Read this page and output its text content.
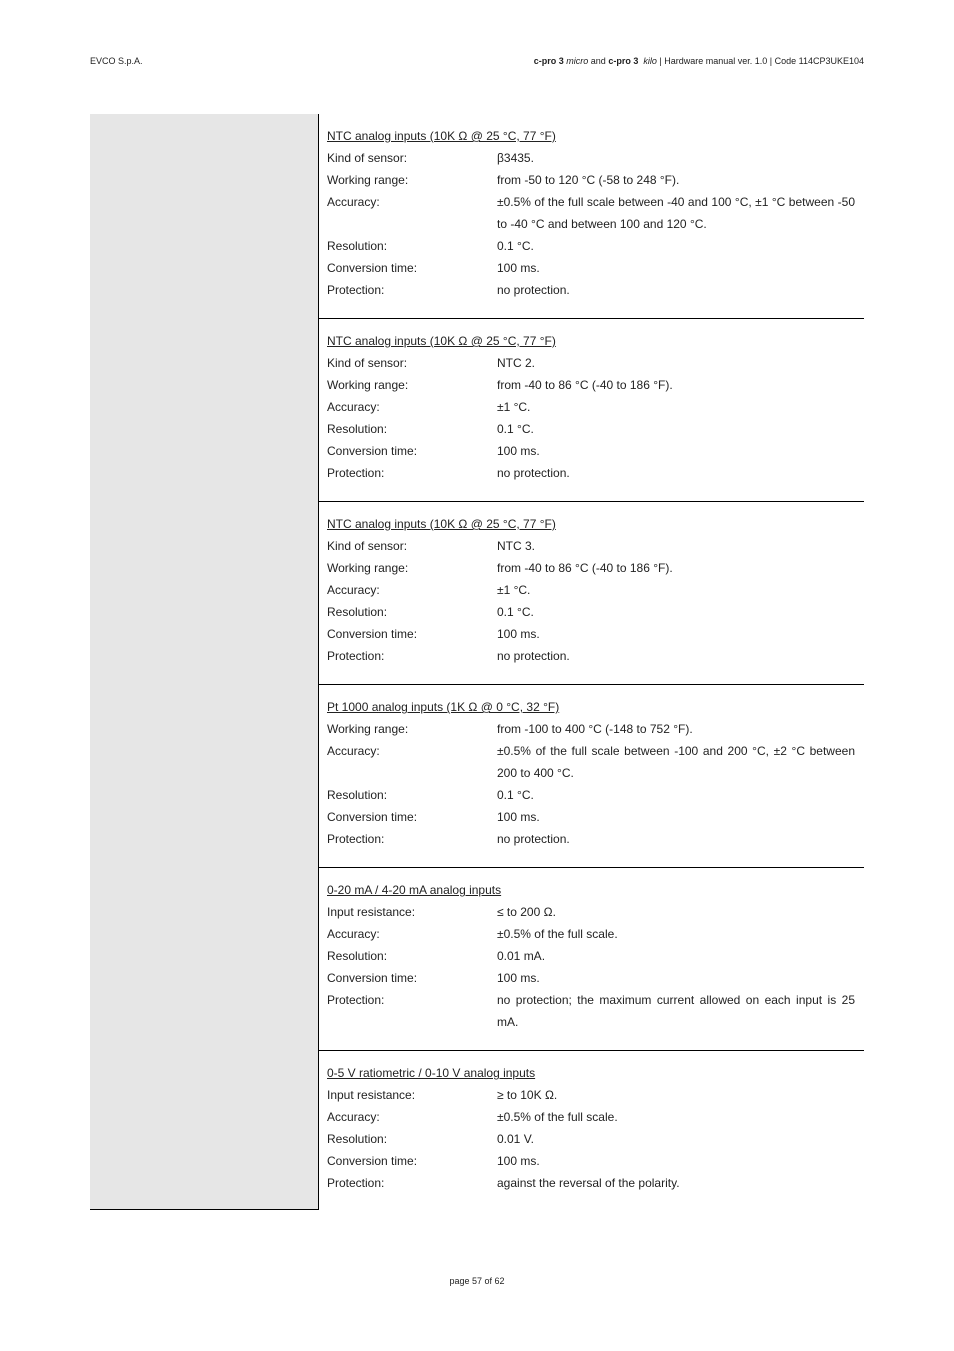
EVCO S.p.A.	c-pro 3 micro and c-pro 3 kilo | Hardware manual ver. 1.0 | Code 114CP3UKE104
NTC analog inputs (10K Ω @ 25 °C, 77 °F)
Kind of sensor:	β3435.
Working range:	from -50 to 120 °C (-58 to 248 °F).
Accuracy:	±0.5% of the full scale between -40 and 100 °C, ±1 °C between -50 to -40 °C and between 100 and 120 °C.
Resolution:	0.1 °C.
Conversion time:	100 ms.
Protection:	no protection.
NTC analog inputs (10K Ω @ 25 °C, 77 °F)
Kind of sensor:	NTC 2.
Working range:	from -40 to 86 °C (-40 to 186 °F).
Accuracy:	±1 °C.
Resolution:	0.1 °C.
Conversion time:	100 ms.
Protection:	no protection.
NTC analog inputs (10K Ω @ 25 °C, 77 °F)
Kind of sensor:	NTC 3.
Working range:	from -40 to 86 °C (-40 to 186 °F).
Accuracy:	±1 °C.
Resolution:	0.1 °C.
Conversion time:	100 ms.
Protection:	no protection.
Pt 1000 analog inputs (1K Ω @ 0 °C, 32 °F)
Working range:	from -100 to 400 °C (-148 to 752 °F).
Accuracy:	±0.5% of the full scale between -100 and 200 °C, ±2 °C between 200 to 400 °C.
Resolution:	0.1 °C.
Conversion time:	100 ms.
Protection:	no protection.
0-20 mA / 4-20 mA analog inputs
Input resistance:	≤ to 200 Ω.
Accuracy:	±0.5% of the full scale.
Resolution:	0.01 mA.
Conversion time:	100 ms.
Protection:	no protection; the maximum current allowed on each input is 25 mA.
0-5 V ratiometric / 0-10 V analog inputs
Input resistance:	≥ to 10K Ω.
Accuracy:	±0.5% of the full scale.
Resolution:	0.01 V.
Conversion time:	100 ms.
Protection:	against the reversal of the polarity.
page 57 of 62
